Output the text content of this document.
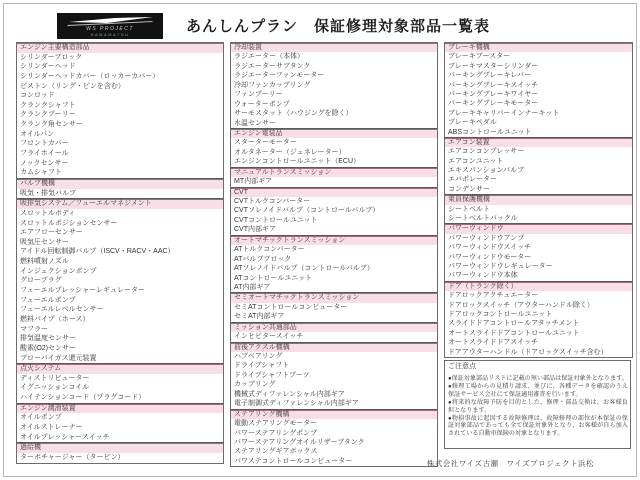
WS PROJECT
HAMAMATSU	あんしんプラン　保証修理対象部品一覧表
エンジン主要構造部品
シリンダーブロック
シリンダーヘッド
シリンダーヘッドカバー（ロッカーカバー）
ピストン（リング・ピンを含む）
コンロッド
クランクシャフト
クランクプーリー
クランク角センサー
オイルパン
フロントカバー
フライホイール
ノックセンサー
カムシャフト
バルブ機構
吸気・排気バルブ
吸排気システム／フューエルマネジメント
スロットルボディ
スロットルポジションセンサー
エアフローセンサー
吸気圧センサー
アイドル回転制御バルブ（ISCV・RACV・AAC）
燃料噴射ノズル
インジェクションポンプ
グロープラグ
フューエルプレッシャーレギュレーター
フューエルポンプ
フューエルレベルセンサー
燃料パイプ（ホース）
マフラー
排気温度センサー
酸素(O2)センサー
ブローバイガス還元装置
点火システム
ディストリビューター
イグニッションコイル
ハイテンションコード（プラグコード）
エンジン潤滑装置
オイルポンプ
オイルストレーナー
オイルプレッシャースイッチ
過給機
ターボチャージャー（タービン）
冷却装置
ラジエーター（本体）
ラジエーターサブタンク
ラジエーターファンモーター
冷却ファンカップリング
ファンプーリー
ウォーターポンプ
サーモスタット（ハウジングを除く）
水温センサー
エンジン電装品
スターターモーター
オルタネーター（ジェネレーター）
エンジンコントロールユニット（ECU）
マニュアルトランスミッション
MT内部ギア
CVT
CVTトルクコンバーター
CVTソレノイドバルブ（コントロールバルブ）
CVTコントロールユニット
CVT内部ギア
オートマチックトランスミッション
ATトルクコンバーター
ATバルブブロック
ATソレノイドバルブ（コントロールバルブ）
ATコントロールユニット
AT内部ギア
セミオートマチックトランスミッション
セミATコントロールコンピューター
セミAT内部ギア
ミッション共通部品
インヒビタースイッチ
前後アクスル機構
ハブベアリング
ドライブシャフト
ドライブシャフトブーツ
カップリング
機械式ディファレンシャル内部ギア
電子制御式ディファレンシャル内部ギア
ステアリング機構
電動ステアリングモーター
パワーステアリングポンプ
パワーステアリングオイルリザーブタンク
ステアリングギアボックス
パワステコントロールコンピューター
ブレーキ機構
ブレーキブースター
ブレーキマスターシリンダー
パーキングブレーキレバー
パーキングブレーキスイッチ
パーキングブレーキワイヤー
パーキングブレーキモーター
ブレーキキャリパーインナーキット
ブレーキペダル
ABSコントロールユニット
エアコン装置
エアコンコンプレッサー
エアコンユニット
エキスパンションバルブ
エバポレーター
コンデンサー
乗員保護機構
シートベルト
シートベルトバックル
パワーウィンドウ
パワーウィンドウアンプ
パワーウィンドウスイッチ
パワーウィンドウモーター
パワーウィンドウレギュレーター
パワーウィンドウ本体
ドア（トランク除く）
ドアロックアクチュエーター
ドアロックスイッチ（アウターハンドル除く）
ドアロックコントロールユニット
スライドドアコントロールアタッチメント
オートスライドドアコントロールユニット
オートスライドドアスイッチ
ドアアウターハンドル（ドアロックスイッチ含む）
ご注意点

●保証対象部品リストに記載の無い部品は保証対象外となります。

●修理工場からの見積り請求、並びに、各種データを確認のうえ保証サービス会社にて保証適用審査を行います。

●将来的な故障予防を目的とした、修理・部品交換は、お客様負担となります。

●物損事故に起因する故障修理は、故障修理の部位が本保証の保証対象部品であっても全て保証対象外となり、お客様が自ら加入されている自動車保険の対象となります。

株式会社ワイズ古瀬　ワイズプロジェクト浜松
